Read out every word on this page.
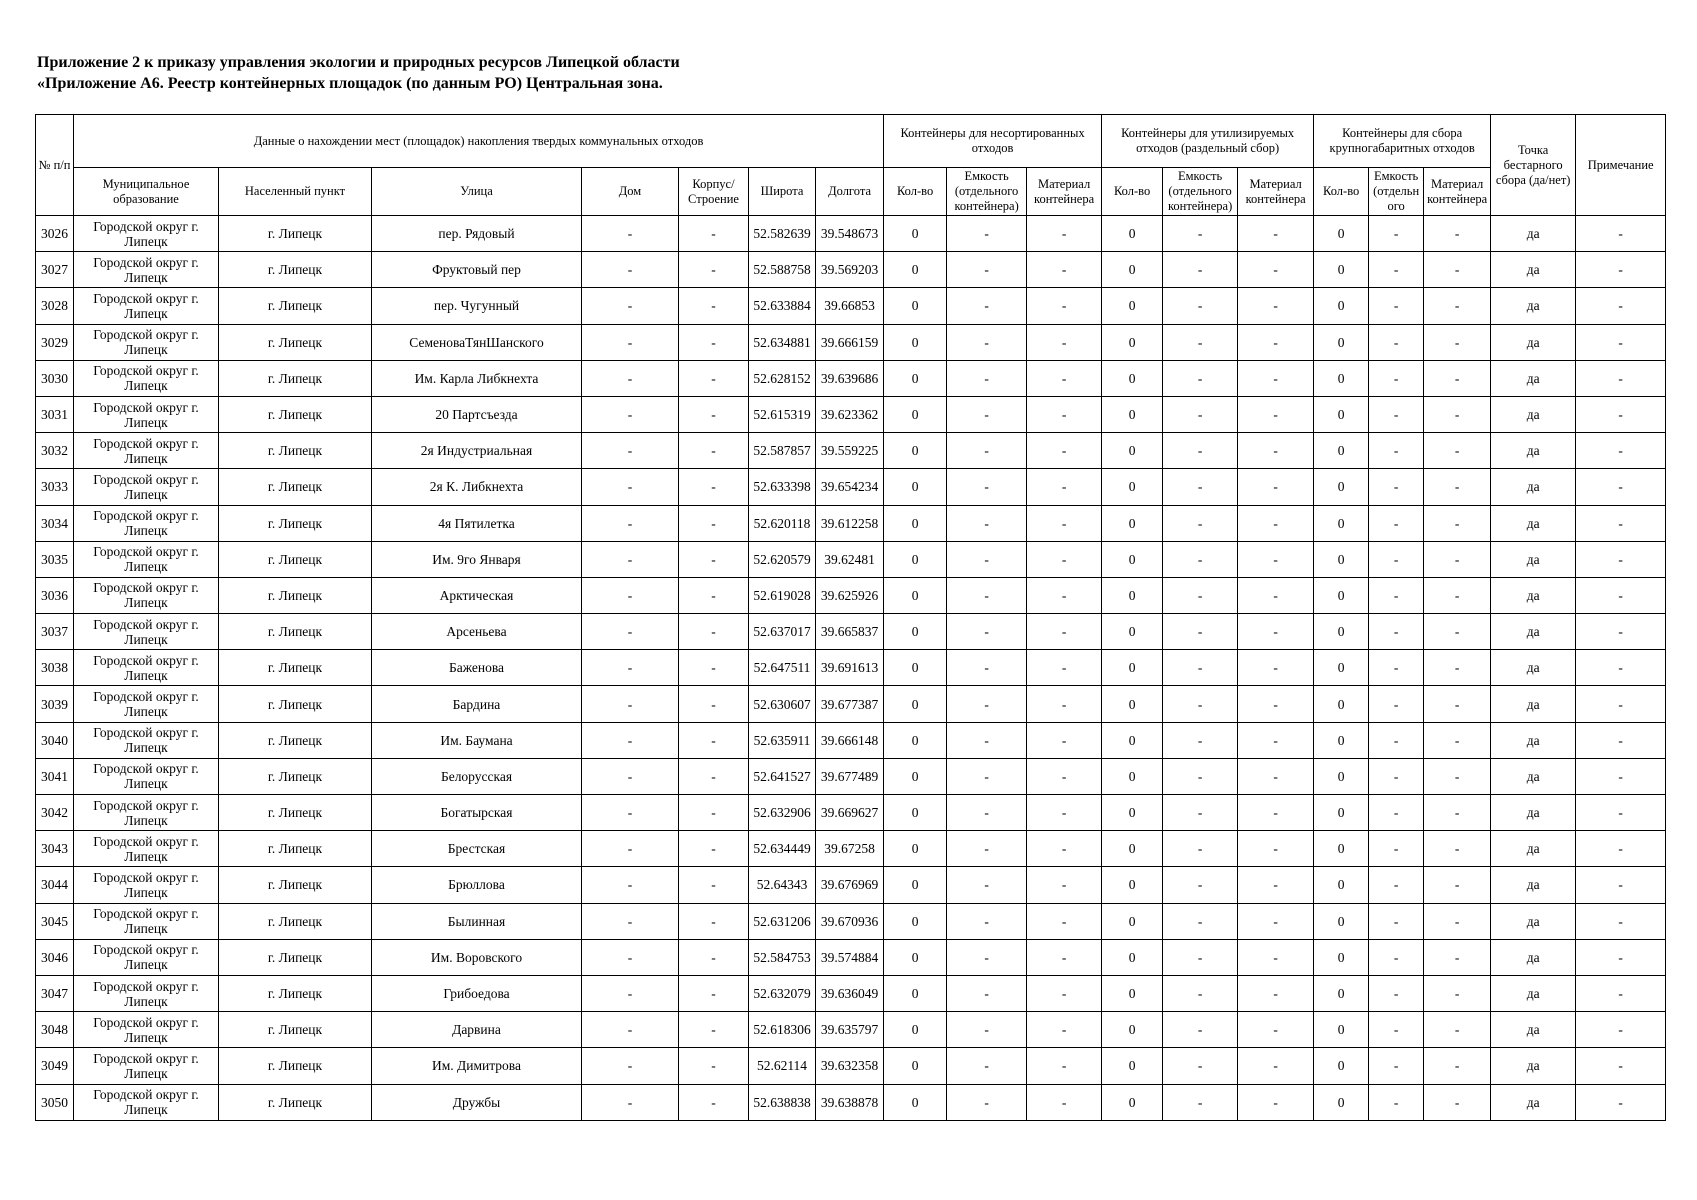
Приложение 2 к приказу управления экологии и природных ресурсов Липецкой области
«Приложение А6. Реестр контейнерных площадок (по данным РО) Центральная зона.
№ п/п	Данные о нахождении мест (площадок) накопления твердых коммунальных отходов							Контейнеры для несортированных отходов			Контейнеры для утилизируемых отходов (раздельный сбор)			Контейнеры для сбора крупногабаритных отходов			Точка бестарного сбора (да/нет)	Примечание
	Муниципальное образование	Населенный пункт	Улица	Дом	Корпус/ Строение	Широта	Долгота	Кол-во	Емкость (отдельного контейнера)	Материал контейнера	Кол-во	Емкость (отдельного контейнера)	Материал контейнера	Кол-во	Емкость (отдельн ого	Материал контейнера		
3026	Городской округ г. Липецк	г. Липецк	пер. Рядовый	-	-	52.582639	39.548673	0	-	-	0	-	-	0	-	-	да	-
3027	Городской округ г. Липецк	г. Липецк	Фруктовый пер	-	-	52.588758	39.569203	0	-	-	0	-	-	0	-	-	да	-
3028	Городской округ г. Липецк	г. Липецк	пер. Чугунный	-	-	52.633884	39.66853	0	-	-	0	-	-	0	-	-	да	-
3029	Городской округ г. Липецк	г. Липецк	СеменоваТянШанского	-	-	52.634881	39.666159	0	-	-	0	-	-	0	-	-	да	-
3030	Городской округ г. Липецк	г. Липецк	Им. Карла Либкнехта	-	-	52.628152	39.639686	0	-	-	0	-	-	0	-	-	да	-
3031	Городской округ г. Липецк	г. Липецк	20 Партсъезда	-	-	52.615319	39.623362	0	-	-	0	-	-	0	-	-	да	-
3032	Городской округ г. Липецк	г. Липецк	2я Индустриальная	-	-	52.587857	39.559225	0	-	-	0	-	-	0	-	-	да	-
3033	Городской округ г. Липецк	г. Липецк	2я К. Либкнехта	-	-	52.633398	39.654234	0	-	-	0	-	-	0	-	-	да	-
3034	Городской округ г. Липецк	г. Липецк	4я Пятилетка	-	-	52.620118	39.612258	0	-	-	0	-	-	0	-	-	да	-
3035	Городской округ г. Липецк	г. Липецк	Им. 9го Января	-	-	52.620579	39.62481	0	-	-	0	-	-	0	-	-	да	-
3036	Городской округ г. Липецк	г. Липецк	Арктическая	-	-	52.619028	39.625926	0	-	-	0	-	-	0	-	-	да	-
3037	Городской округ г. Липецк	г. Липецк	Арсеньева	-	-	52.637017	39.665837	0	-	-	0	-	-	0	-	-	да	-
3038	Городской округ г. Липецк	г. Липецк	Баженова	-	-	52.647511	39.691613	0	-	-	0	-	-	0	-	-	да	-
3039	Городской округ г. Липецк	г. Липецк	Бардина	-	-	52.630607	39.677387	0	-	-	0	-	-	0	-	-	да	-
3040	Городской округ г. Липецк	г. Липецк	Им. Баумана	-	-	52.635911	39.666148	0	-	-	0	-	-	0	-	-	да	-
3041	Городской округ г. Липецк	г. Липецк	Белорусская	-	-	52.641527	39.677489	0	-	-	0	-	-	0	-	-	да	-
3042	Городской округ г. Липецк	г. Липецк	Богатырская	-	-	52.632906	39.669627	0	-	-	0	-	-	0	-	-	да	-
3043	Городской округ г. Липецк	г. Липецк	Брестская	-	-	52.634449	39.67258	0	-	-	0	-	-	0	-	-	да	-
3044	Городской округ г. Липецк	г. Липецк	Брюллова	-	-	52.64343	39.676969	0	-	-	0	-	-	0	-	-	да	-
3045	Городской округ г. Липецк	г. Липецк	Былинная	-	-	52.631206	39.670936	0	-	-	0	-	-	0	-	-	да	-
3046	Городской округ г. Липецк	г. Липецк	Им. Воровского	-	-	52.584753	39.574884	0	-	-	0	-	-	0	-	-	да	-
3047	Городской округ г. Липецк	г. Липецк	Грибоедова	-	-	52.632079	39.636049	0	-	-	0	-	-	0	-	-	да	-
3048	Городской округ г. Липецк	г. Липецк	Дарвина	-	-	52.618306	39.635797	0	-	-	0	-	-	0	-	-	да	-
3049	Городской округ г. Липецк	г. Липецк	Им. Димитрова	-	-	52.62114	39.632358	0	-	-	0	-	-	0	-	-	да	-
3050	Городской округ г. Липецк	г. Липецк	Дружбы	-	-	52.638838	39.638878	0	-	-	0	-	-	0	-	-	да	-
